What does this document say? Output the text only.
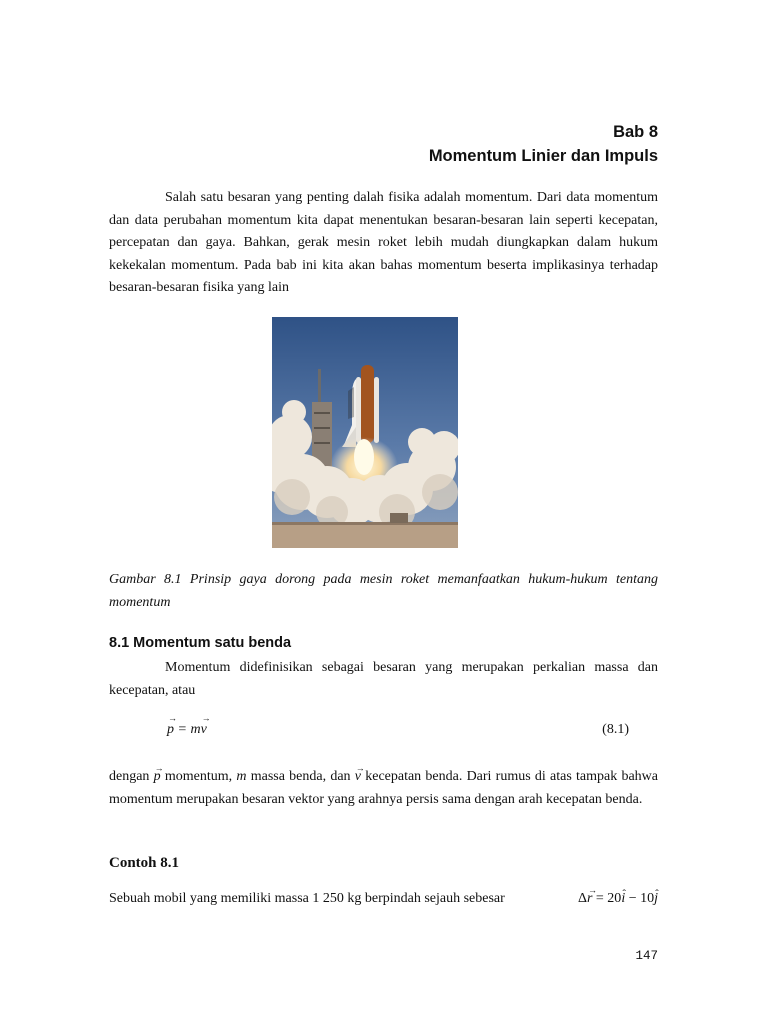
Bab 8
Momentum Linier dan Impuls

Salah satu besaran yang penting dalah fisika adalah momentum. Dari data momentum dan data perubahan momentum kita dapat menentukan besaran-besaran lain seperti kecepatan, percepatan dan gaya. Bahkan, gerak mesin roket lebih mudah diungkapkan dalam hukum kekekalan momentum. Pada bab ini kita akan bahas momentum beserta implikasinya terhadap besaran-besaran fisika yang lain

Gambar 8.1 Prinsip gaya dorong pada mesin roket memanfaatkan hukum-hukum tentang momentum

8.1 Momentum satu benda

Momentum didefinisikan sebagai besaran yang merupakan perkalian massa dan kecepatan, atau

→ p = m→ v	(8.1)

dengan → p momentum, m massa benda, dan → v kecepatan benda. Dari rumus di atas tampak bahwa momentum merupakan besaran vektor yang arahnya persis sama dengan arah kecepatan benda.

Contoh 8.1
Sebuah mobil yang memiliki massa 1 250 kg berpindah sejauh sebesar	Δ→ r = 20ˆ i − 10ˆ j
147
